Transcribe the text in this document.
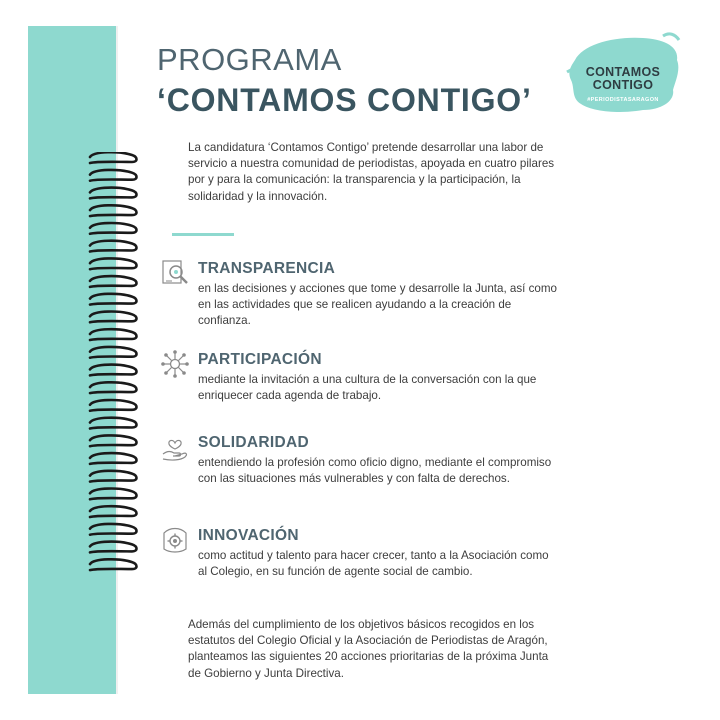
PROGRAMA
‘CONTAMOS CONTIGO’
CONTAMOS
CONTIGO
#PERIODISTASARAGON

La candidatura ‘Contamos Contigo’ pretende desarrollar una labor de servicio a nuestra comunidad de periodistas, apoyada en cuatro pilares por y para la comunicación: la transparencia y la participación, la solidaridad y la innovación.

TRANSPARENCIA

en las decisiones y acciones que tome y desarrolle la Junta, así como en las actividades que se realicen ayudando a la creación de confianza.

PARTICIPACIÓN

mediante la invitación a una cultura de la conversación con la que enriquecer cada agenda de trabajo.

SOLIDARIDAD

entendiendo la profesión como oficio digno, mediante el compromiso con las situaciones más vulnerables y con falta de derechos.

INNOVACIÓN

como actitud y talento para hacer crecer, tanto a la Asociación como al Colegio, en su función de agente social de cambio.

Además del cumplimiento de los objetivos básicos recogidos en los estatutos del Colegio Oficial y la Asociación de Periodistas de Aragón, planteamos las siguientes 20 acciones prioritarias de la próxima Junta de Gobierno y Junta Directiva.
